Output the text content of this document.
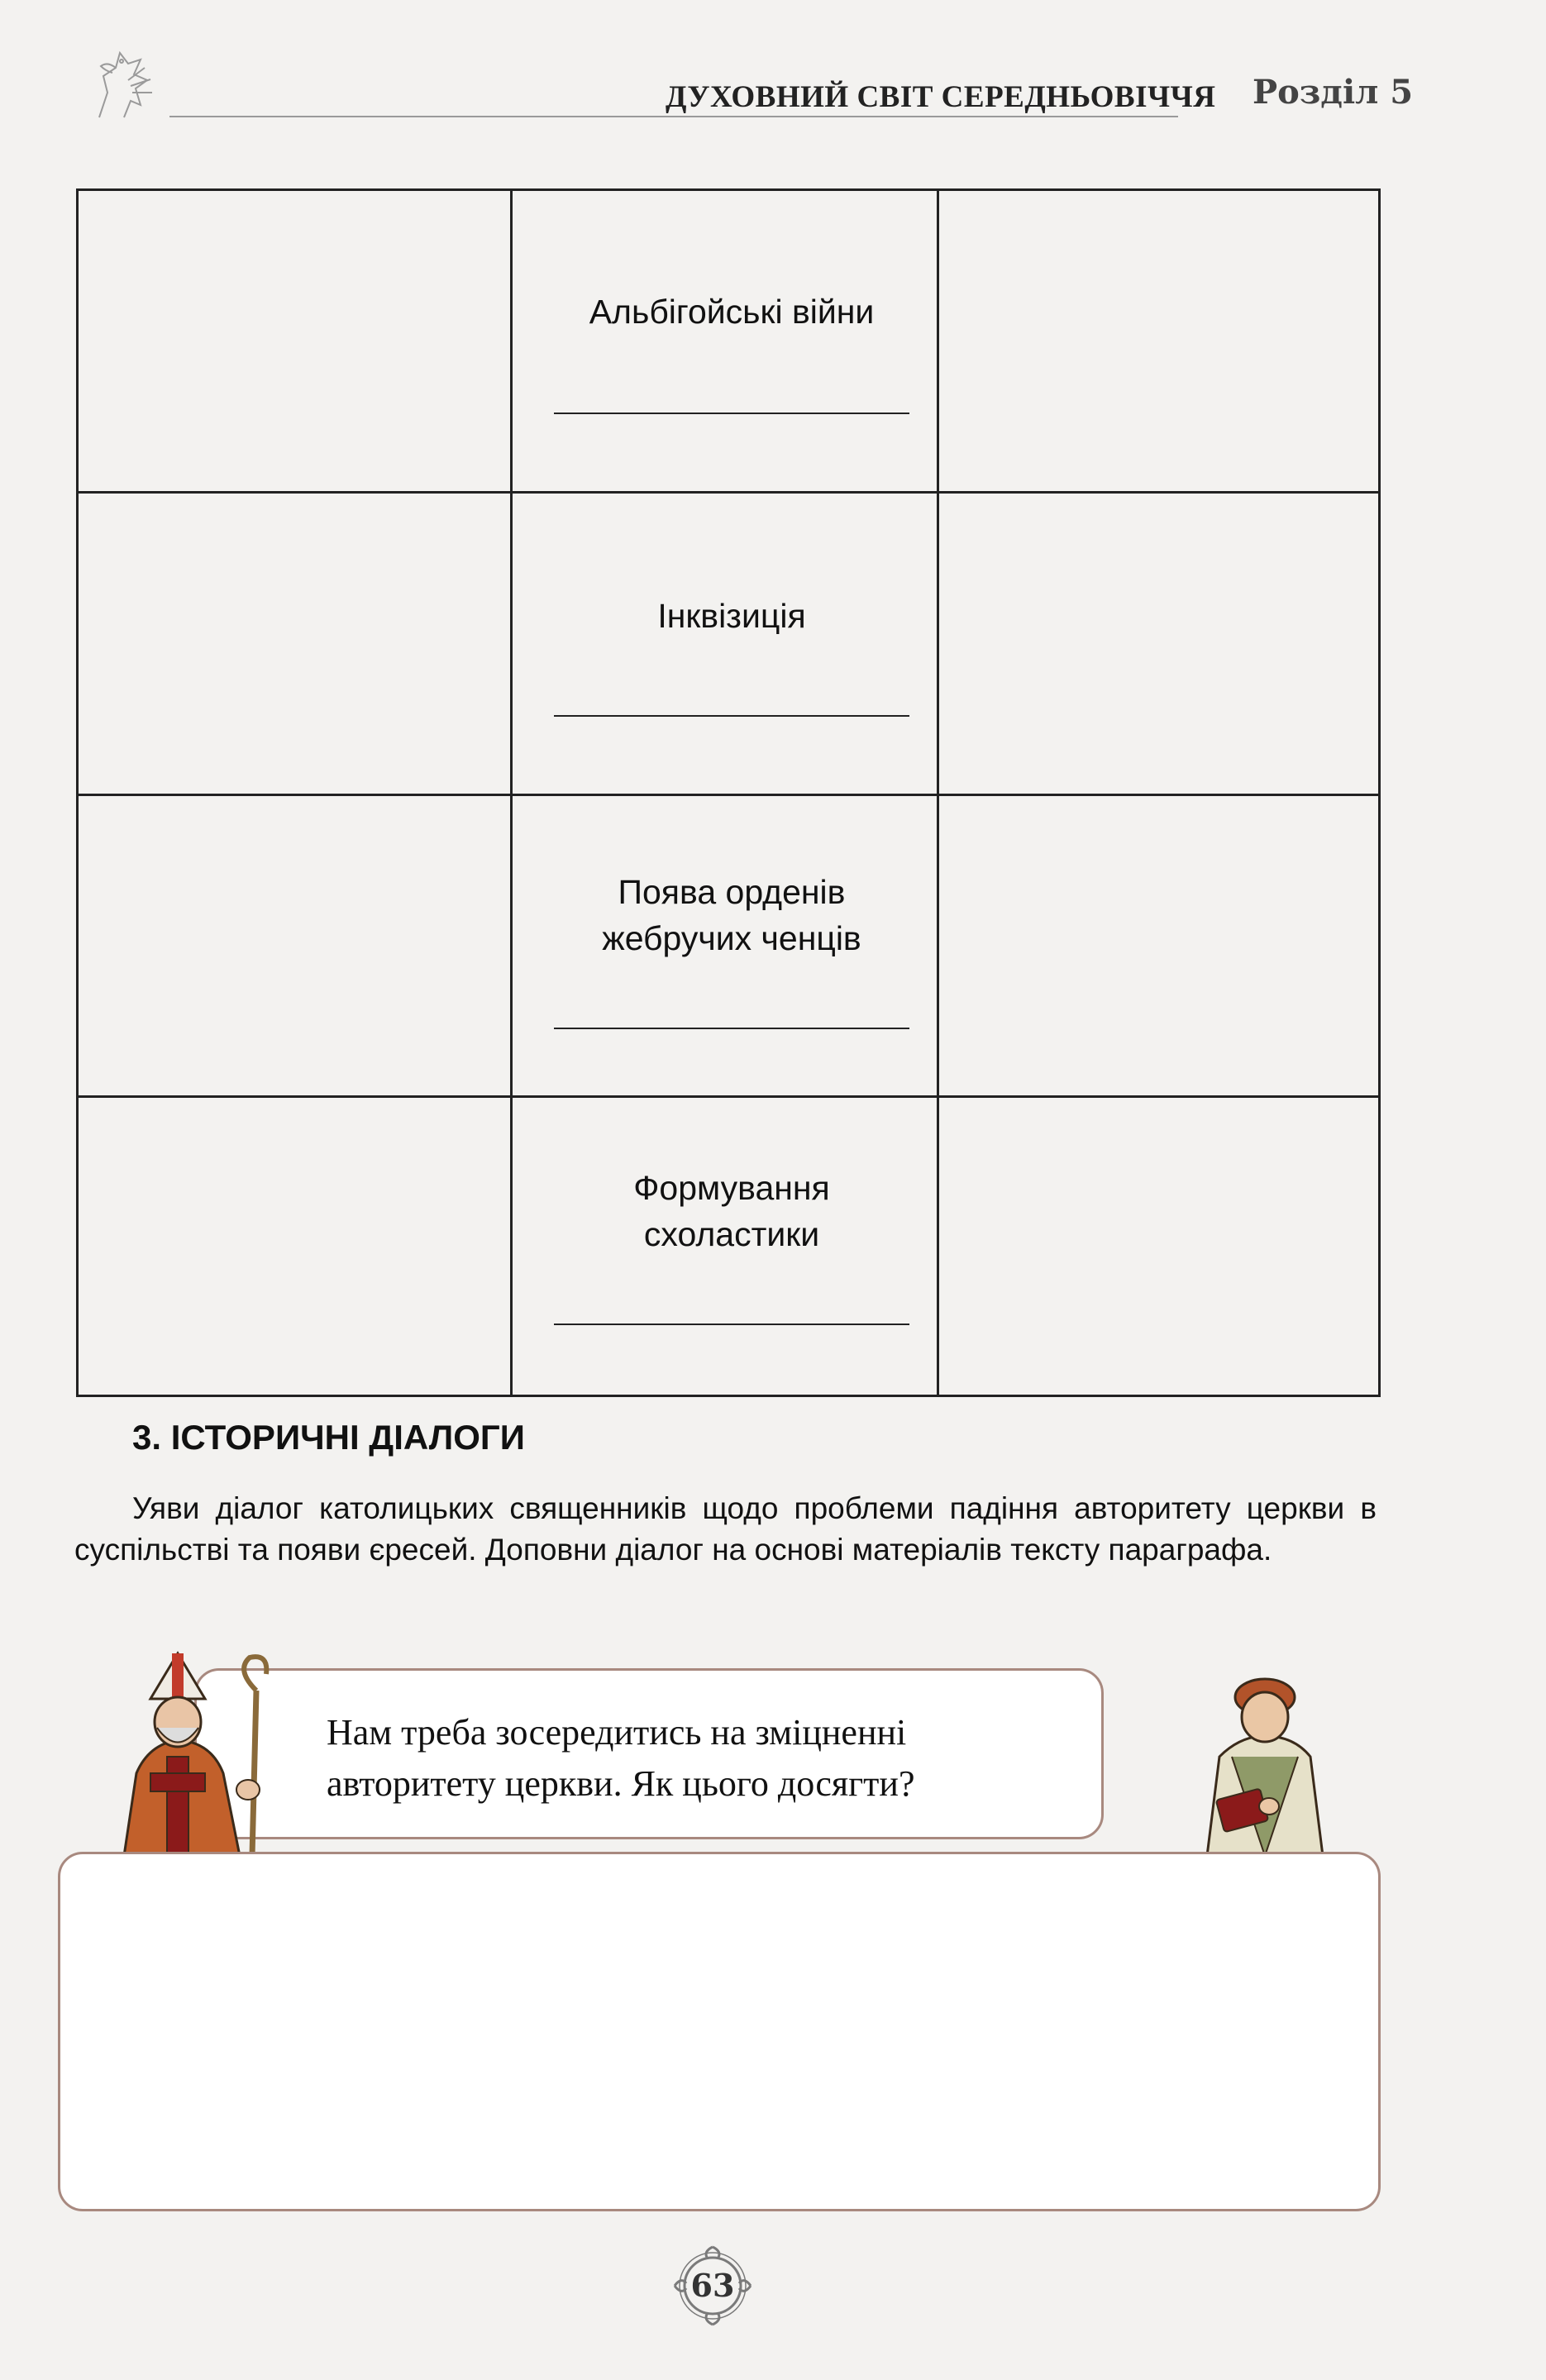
ДУХОВНИЙ СВІТ СЕРЕДНЬОВІЧЧЯ Розділ 5
Альбігойські війни
Інквізиція
Поява орденів
жебручих ченців
Формування
схоластики
3. ІСТОРИЧНІ ДІАЛОГИ
Уяви діалог католицьких священників щодо проблеми падіння авторитету церкви в суспільстві та появи єресей. Доповни діалог на основі матеріалів тексту параграфа.
Нам треба зосередитись на зміцненні
авторитету церкви. Як цього досягти?
63
